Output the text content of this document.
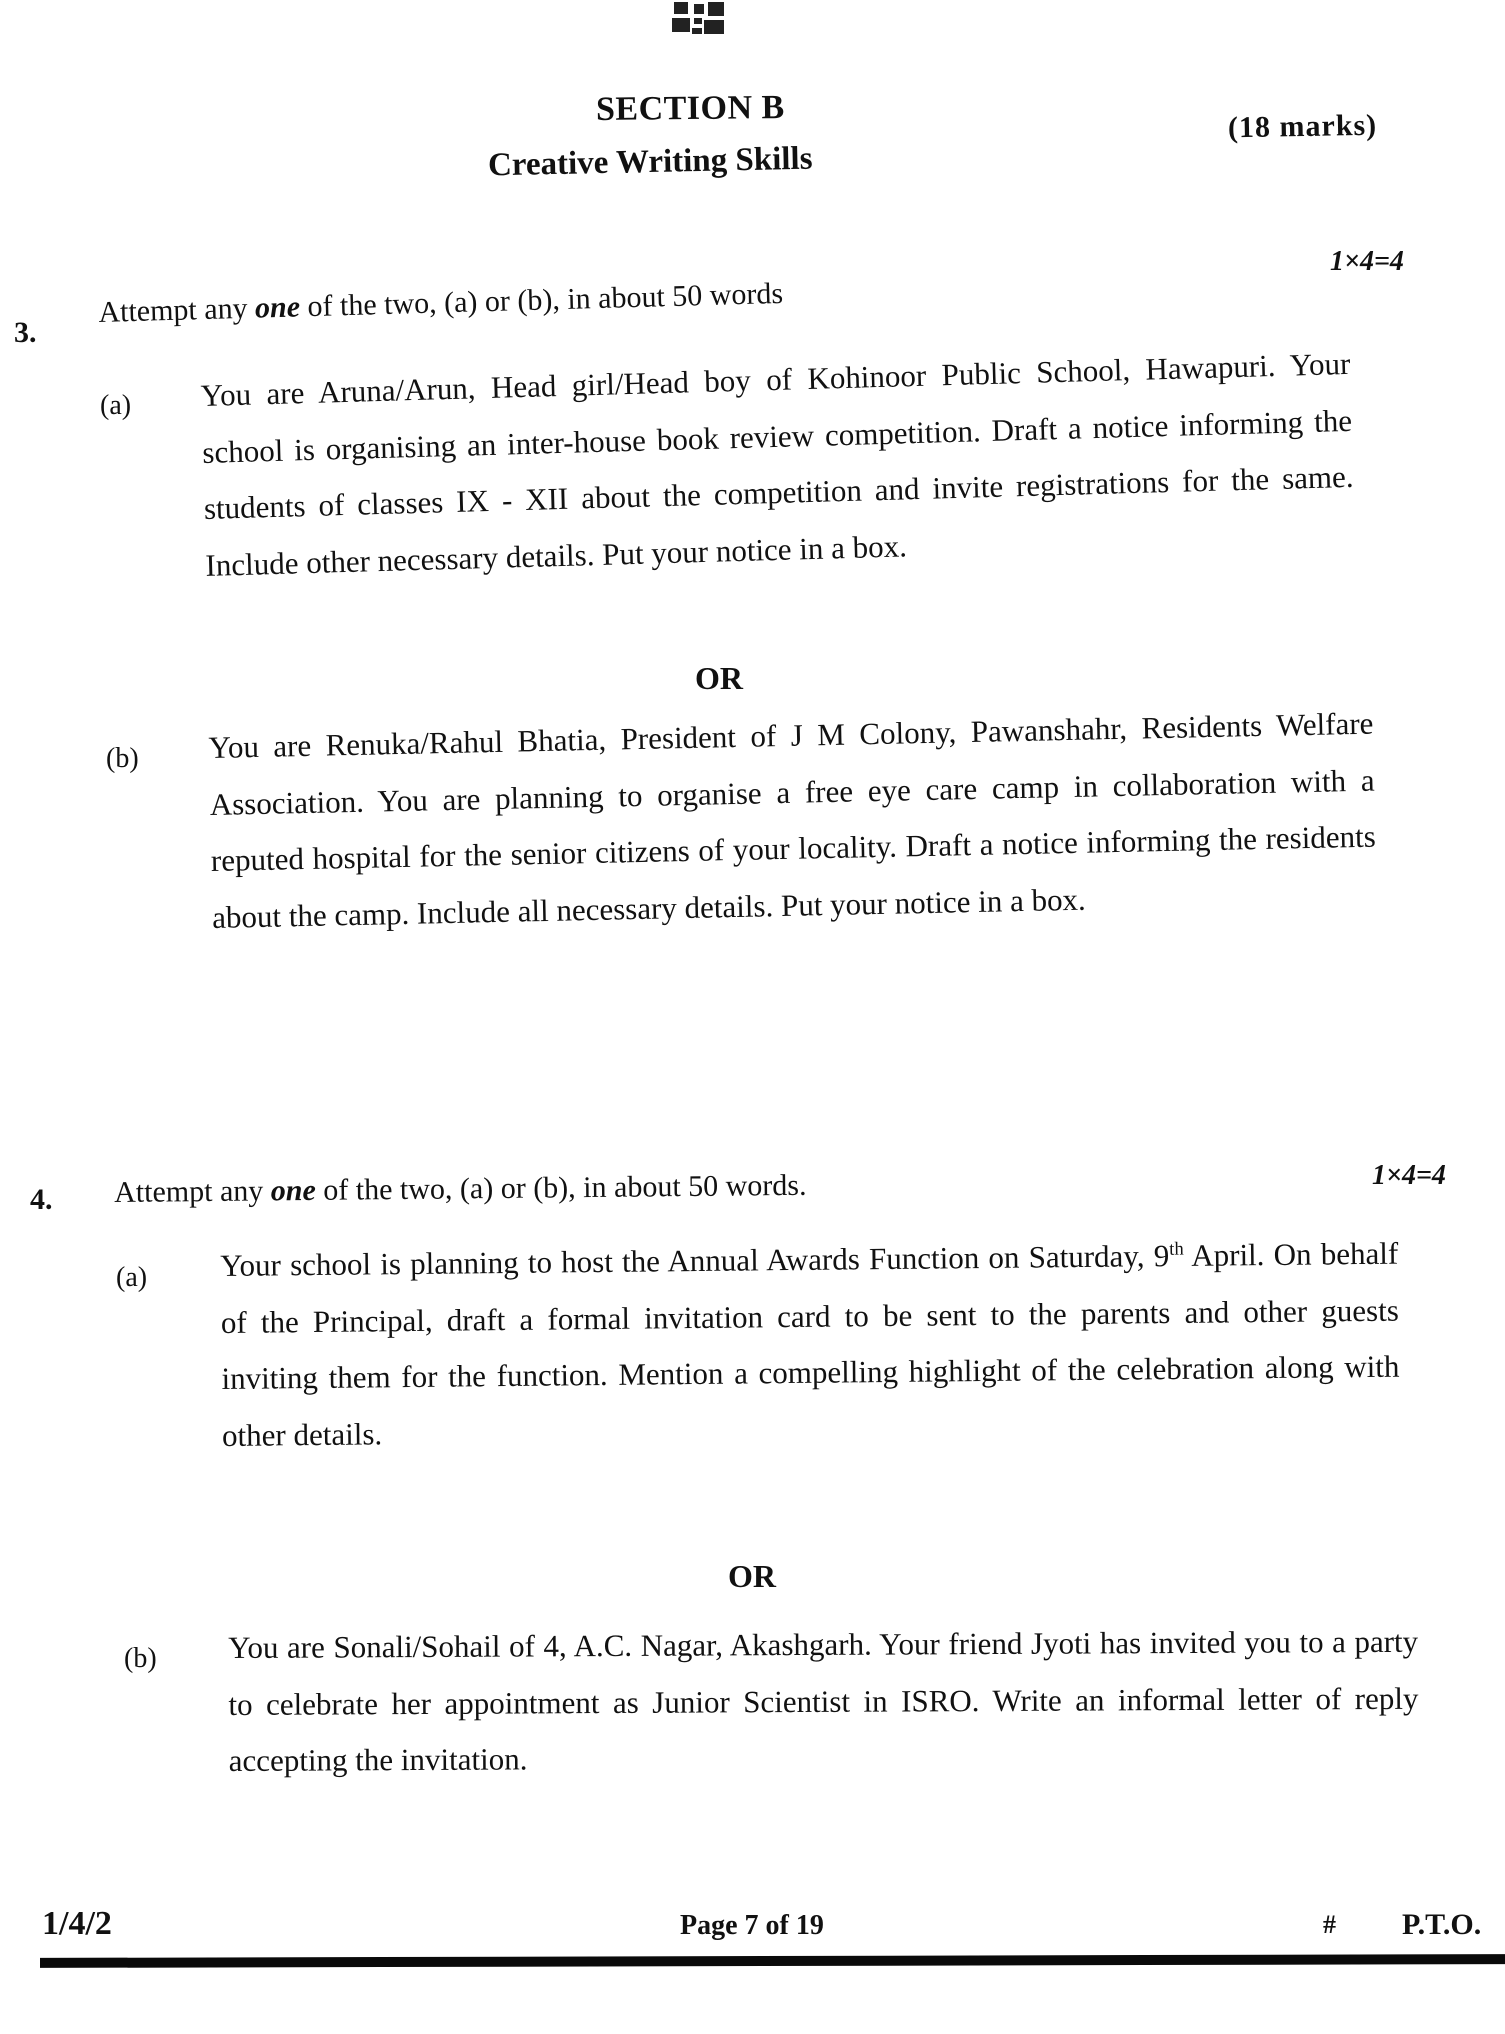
SECTION B
Creative Writing Skills
(18 marks)
1×4=4
3.
Attempt any one of the two, (a) or (b), in about 50 words
(a) You are Aruna/Arun, Head girl/Head boy of Kohinoor Public School, Hawapuri. Your school is organising an inter-house book review competition. Draft a notice informing the students of classes IX - XII about the competition and invite registrations for the same. Include other necessary details. Put your notice in a box.
OR
(b) You are Renuka/Rahul Bhatia, President of J M Colony, Pawanshahr, Residents Welfare Association. You are planning to organise a free eye care camp in collaboration with a reputed hospital for the senior citizens of your locality. Draft a notice informing the residents about the camp. Include all necessary details. Put your notice in a box.
1×4=4
4. Attempt any one of the two, (a) or (b), in about 50 words.
(a) Your school is planning to host the Annual Awards Function on Saturday, 9th April. On behalf of the Principal, draft a formal invitation card to be sent to the parents and other guests inviting them for the function. Mention a compelling highlight of the celebration along with other details.
OR
(b) You are Sonali/Sohail of 4, A.C. Nagar, Akashgarh. Your friend Jyoti has invited you to a party to celebrate her appointment as Junior Scientist in ISRO. Write an informal letter of reply accepting the invitation.
1/4/2	Page 7 of 19	# P.T.O.
